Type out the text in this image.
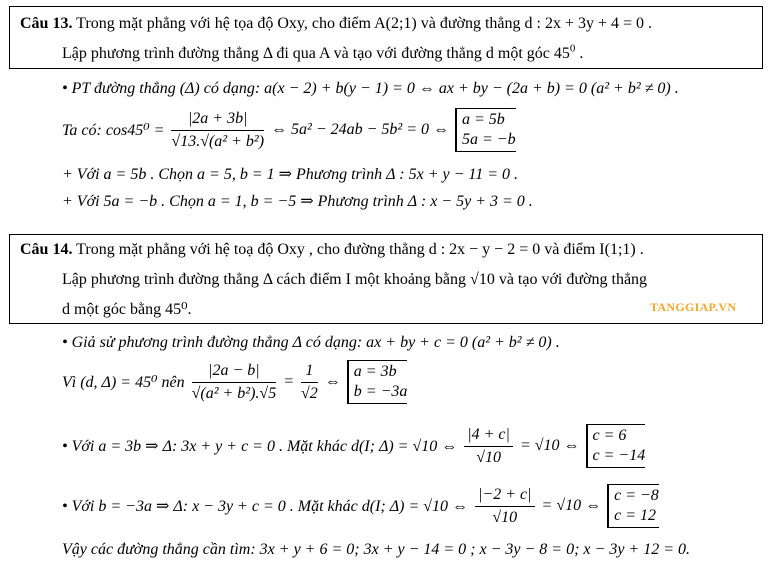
Câu 13. Trong mặt phẳng với hệ tọa độ Oxy, cho điểm A(2;1) và đường thẳng d : 2x + 3y + 4 = 0 .
Lập phương trình đường thẳng Δ đi qua A và tạo với đường thẳng d một góc $45^0$ .
• PT đường thẳng (Δ) có dạng: a(x − 2) + b(y − 1) = 0 ⇔ ax + by − (2a + b) = 0 (a² + b² ≠ 0) .
Ta có: $\cos 45^0 = \frac{|2a + 3b|}{\text{√13.√(a² + b²)}}$ ⇔ 5a² − 24ab − 5b² = 0 ⇔
a = 5b
5a = −b
+ Với a = 5b . Chọn a = 5, b = 1 ⇒ Phương trình Δ : 5x + y − 11 = 0 .
+ Với 5a = −b . Chọn a = 1, b = −5 ⇒ Phương trình Δ : x − 5y + 3 = 0 .
Câu 14. Trong mặt phẳng với hệ toạ độ Oxy , cho đường thẳng d : 2x − y − 2 = 0 và điểm I(1;1) .
Lập phương trình đường thẳng Δ cách điểm I một khoảng bằng √10 và tạo với đường thẳng
d một góc bằng 45⁰.	TANGGIAP.VN
• Giả sử phương trình đường thẳng Δ có dạng: ax + by + c = 0 (a² + b² ≠ 0) .
Vì (d, Δ) = 45⁰ nên $\frac{|2a - b|}{\text{√(a² + b²).√5}} = \frac{1}{√2}$ ⇔
a = 3b
b = −3a
• Với a = 3b ⇒ Δ: 3x + y + c = 0 . Mặt khác d(I; Δ) = √10 ⇔ $\frac{|4 + c|}{√10} = √10$ ⇔
c = 6
c = −14
• Với b = −3a ⇒ Δ: x − 3y + c = 0 . Mặt khác d(I; Δ) = √10 ⇔ $\frac{|-2 + c|}{√10} = √10$ ⇔
c = −8
c = 12
Vậy các đường thẳng cần tìm: 3x + y + 6 = 0; 3x + y − 14 = 0 ; x − 3y − 8 = 0; x − 3y + 12 = 0.
